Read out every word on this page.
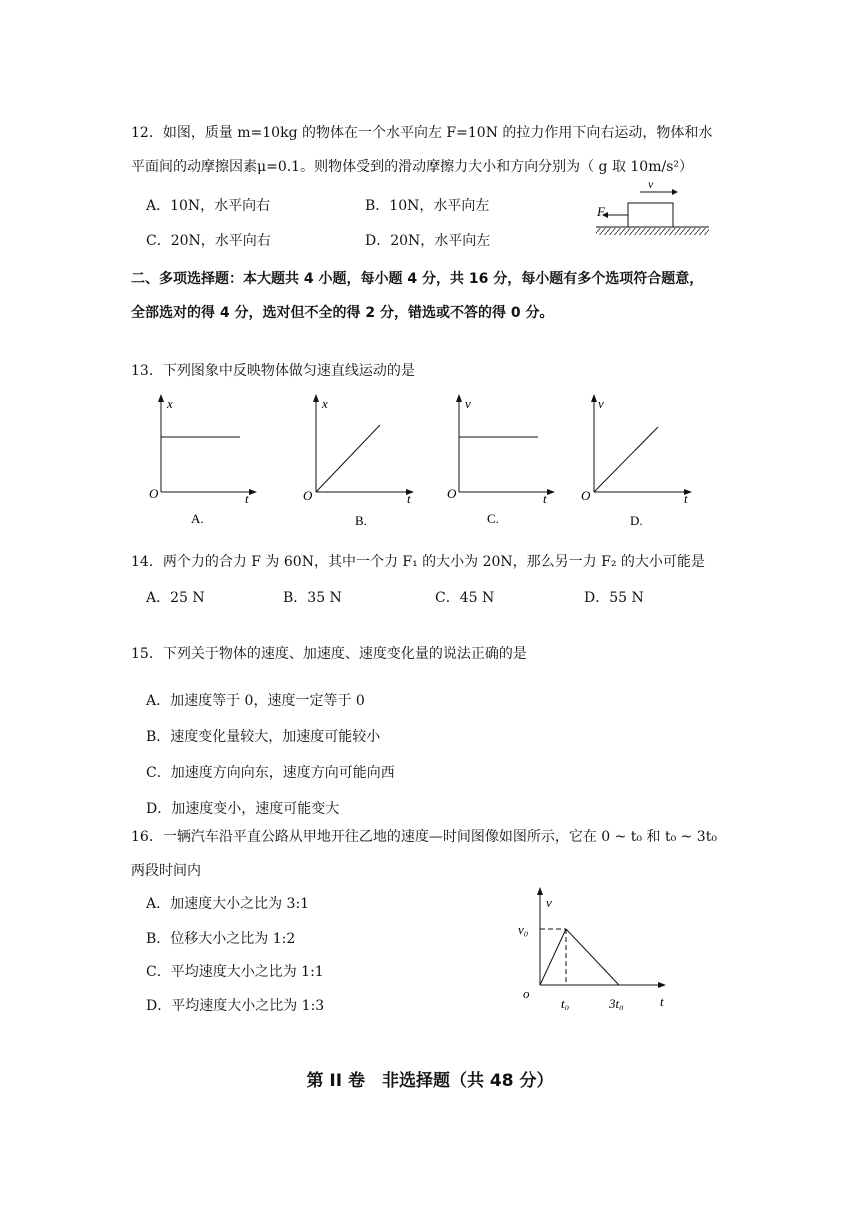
12．如图，质量 m=10kg 的物体在一个水平向左 F=10N 的拉力作用下向右运动，物体和水
平面间的动摩擦因素μ=0.1。则物体受到的滑动摩擦力大小和方向分别为（ g 取 10m/s²）
A．10N，水平向右	B．10N，水平向左
C．20N，水平向右	D．20N，水平向左
v
F
二、多项选择题：本大题共 4 小题，每小题 4 分，共 16 分，每小题有多个选项符合题意，
全部选对的得 4 分，选对但不全的得 2 分，错选或不答的得 0 分。
13．下列图象中反映物体做匀速直线运动的是
x
t
O
A.
x
t
O
B.
v
t
O
C.
v
t
O
D.
14．两个力的合力 F 为 60N，其中一个力 F₁ 的大小为 20N，那么另一力 F₂ 的大小可能是
A．25 N	B．35 N	C．45 N	D．55 N
15．下列关于物体的速度、加速度、速度变化量的说法正确的是
A．加速度等于 0，速度一定等于 0
B．速度变化量较大，加速度可能较小
C．加速度方向向东，速度方向可能向西
D．加速度变小，速度可能变大
16．一辆汽车沿平直公路从甲地开往乙地的速度—时间图像如图所示，它在 0 ~ t₀ 和 t₀ ~ 3t₀
两段时间内
A．加速度大小之比为 3:1
B．位移大小之比为 1:2
C．平均速度大小之比为 1:1
D．平均速度大小之比为 1:3
v
v₀
o
t₀	3t₀	t
第 II 卷　非选择题（共 48 分）
